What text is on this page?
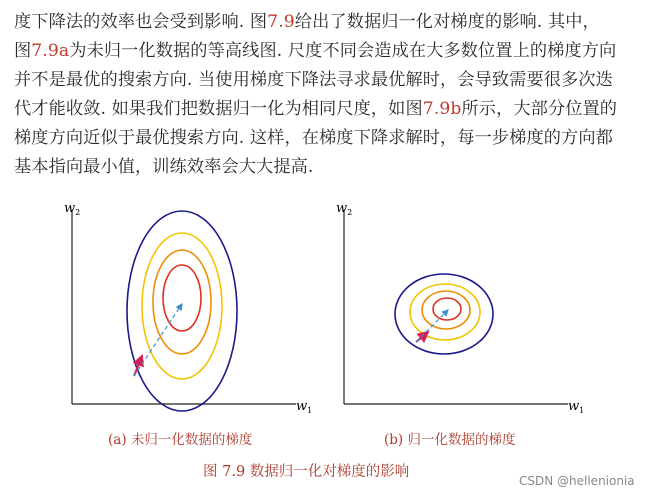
度下降法的效率也会受到影响. 图7.9给出了数据归一化对梯度的影响. 其中，
图7.9a为未归一化数据的等高线图. 尺度不同会造成在大多数位置上的梯度方向
并不是最优的搜索方向. 当使用梯度下降法寻求最优解时，会导致需要很多次迭
代才能收敛. 如果我们把数据归一化为相同尺度，如图7.9b所示，大部分位置的
梯度方向近似于最优搜索方向. 这样，在梯度下降求解时，每一步梯度的方向都
基本指向最小值，训练效率会大大提高.
$w_2$
$w_1$
$w_2$
$w_1$
(a) 未归一化数据的梯度	(b) 归一化数据的梯度
图 7.9 数据归一化对梯度的影响
CSDN @hellenionia
